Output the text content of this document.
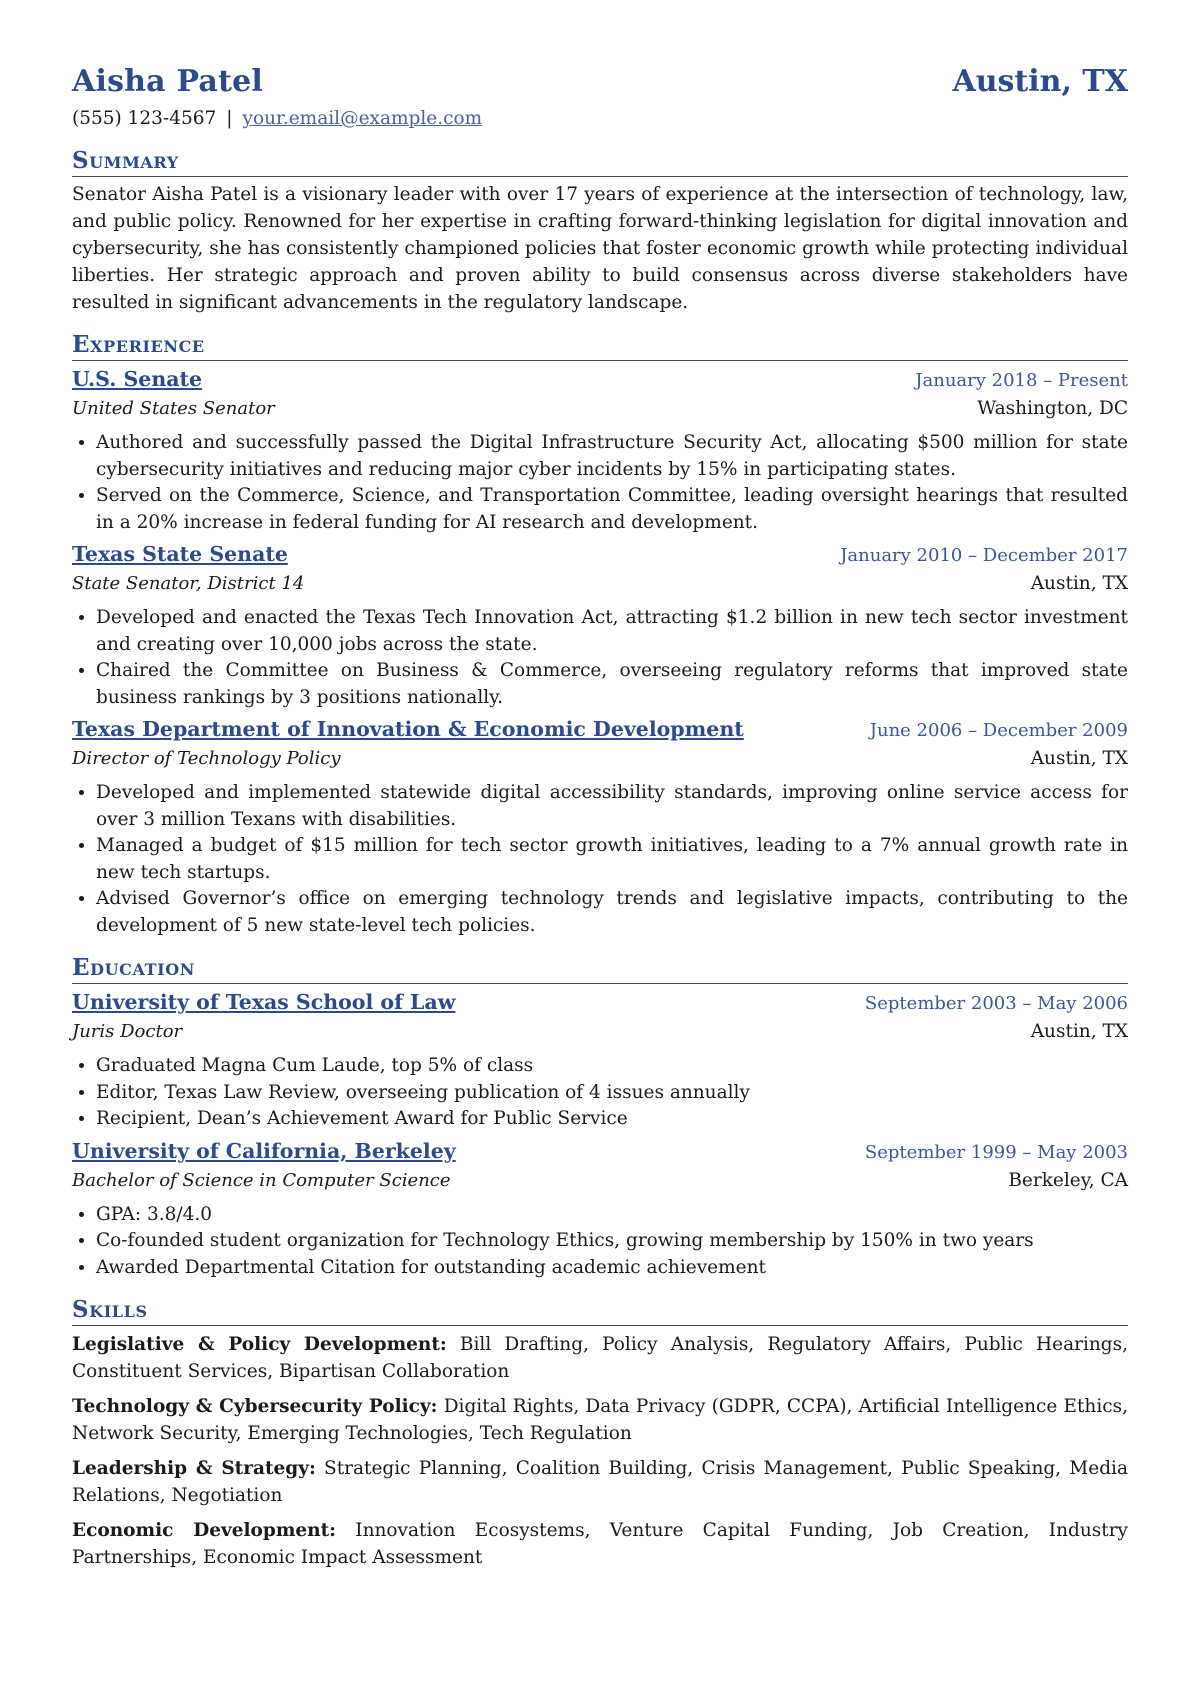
Aisha Patel	Austin, TX
(555) 123-4567 | your.email@example.com
Summary
Senator Aisha Patel is a visionary leader with over 17 years of experience at the intersection of technology, law, and public policy. Renowned for her expertise in crafting forward-thinking legislation for digital innovation and cybersecurity, she has consistently championed policies that foster economic growth while protecting individual liberties. Her strategic approach and proven ability to build consensus across diverse stakeholders have resulted in significant advancements in the regulatory landscape.
Experience
U.S. Senate	January 2018 – Present
United States Senator	Washington, DC
• Authored and successfully passed the Digital Infrastructure Security Act, allocating $500 million for state cybersecurity initiatives and reducing major cyber incidents by 15% in participating states.
• Served on the Commerce, Science, and Transportation Committee, leading oversight hearings that resulted in a 20% increase in federal funding for AI research and development.
Texas State Senate	January 2010 – December 2017
State Senator, District 14	Austin, TX
• Developed and enacted the Texas Tech Innovation Act, attracting $1.2 billion in new tech sector investment and creating over 10,000 jobs across the state.
• Chaired the Committee on Business & Commerce, overseeing regulatory reforms that improved state business rankings by 3 positions nationally.
Texas Department of Innovation & Economic Development	June 2006 – December 2009
Director of Technology Policy	Austin, TX
• Developed and implemented statewide digital accessibility standards, improving online service access for over 3 million Texans with disabilities.
• Managed a budget of $15 million for tech sector growth initiatives, leading to a 7% annual growth rate in new tech startups.
• Advised Governor’s office on emerging technology trends and legislative impacts, contributing to the development of 5 new state-level tech policies.
Education
University of Texas School of Law	September 2003 – May 2006
Juris Doctor	Austin, TX
• Graduated Magna Cum Laude, top 5% of class
• Editor, Texas Law Review, overseeing publication of 4 issues annually
• Recipient, Dean’s Achievement Award for Public Service
University of California, Berkeley	September 1999 – May 2003
Bachelor of Science in Computer Science	Berkeley, CA
• GPA: 3.8/4.0
• Co-founded student organization for Technology Ethics, growing membership by 150% in two years
• Awarded Departmental Citation for outstanding academic achievement
Skills
Legislative & Policy Development: Bill Drafting, Policy Analysis, Regulatory Affairs, Public Hearings, Constituent Services, Bipartisan Collaboration
Technology & Cybersecurity Policy: Digital Rights, Data Privacy (GDPR, CCPA), Artificial Intelligence Ethics, Network Security, Emerging Technologies, Tech Regulation
Leadership & Strategy: Strategic Planning, Coalition Building, Crisis Management, Public Speaking, Media Relations, Negotiation
Economic Development: Innovation Ecosystems, Venture Capital Funding, Job Creation, Industry Partnerships, Economic Impact Assessment
